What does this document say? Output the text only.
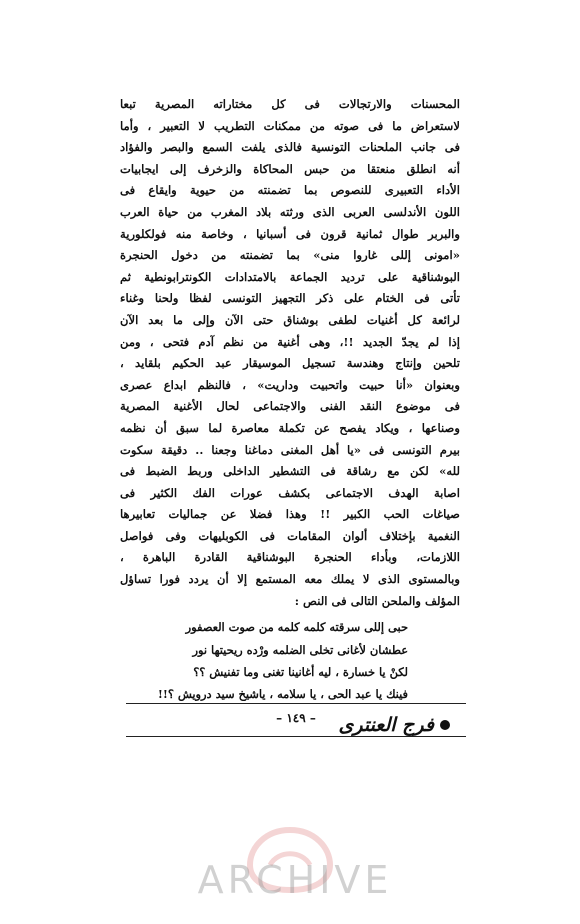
المحسنات والارتجالات فى كل مختاراته المصرية تبعا
لاستعراض ما فى صوته من ممكنات التطريب لا التعبير ، وأما
فى جانب الملحنات التونسية فالذى يلفت السمع والبصر والفؤاد
أنه انطلق منعتقا من حبس المحاكاة والزخرف إلى ايجابيات
الأداء التعبيرى للنصوص بما تضمنته من حيوية وايقاع فى
اللون الأندلسى العربى الذى ورثته بلاد المغرب من حياة العرب
والبربر طوال ثمانية قرون فى أسبانيا ، وخاصة منه فولكلورية
«امونى إللى غاروا منى» بما تضمنته من دخول الحنجرة
البوشناقية على ترديد الجماعة بالامتدادات الكونترابونطية ثم
تأتى فى الختام على ذكر التجهيز التونسى لفظا ولحنا وغناء
لرائعة كل أغنيات لطفى بوشناق حتى الآن وإلى ما بعد الآن
إذا لم يجدّ الجديد !!، وهى أغنية من نظم آدم فتحى ، ومن
تلحين وإنتاج وهندسة تسجيل الموسيقار عبد الحكيم بلقايد ،
وبعنوان «أنا حبيت واتحبيت وداريت» ، فالنظم ابداع عصرى
فى موضوع النقد الفنى والاجتماعى لحال الأغنية المصرية
وصناعها ، ويكاد يفصح عن تكملة معاصرة لما سبق أن نظمه
بيرم التونسى فى «يا أهل المغنى دماغنا وجعنا .. دقيقة سكوت
لله» لكن مع رشاقة فى التشطير الداخلى وربط الضبط فى
اصابة الهدف الاجتماعى بكشف عورات الفك الكثير فى
صياغات الحب الكبير !! وهذا فضلا عن جماليات تعابيرها
النغمية بإختلاف ألوان المقامات فى الكوبليهات وفى فواصل
اللازمات، وبأداء الحنجرة البوشناقية القادرة الباهرة ،
وبالمستوى الذى لا يملك معه المستمع إلا أن يردد فورا تساؤل
المؤلف والملحن التالى فى النص :

حبى إللى سرقته كلمه كلمه من صوت العصفور
عطشان لأغانى تخلى الضلمه ورْده ريحيتها نور
لكنْ يا خسارة ، ليه أغانينا تغنى وما تفنيش ؟؟
فينك يا عبد الحى ، يا سلامه ، ياشيخ سيد درويش ؟!!
فرج العنترى
– ١٤٩ –
ARCHIVE
